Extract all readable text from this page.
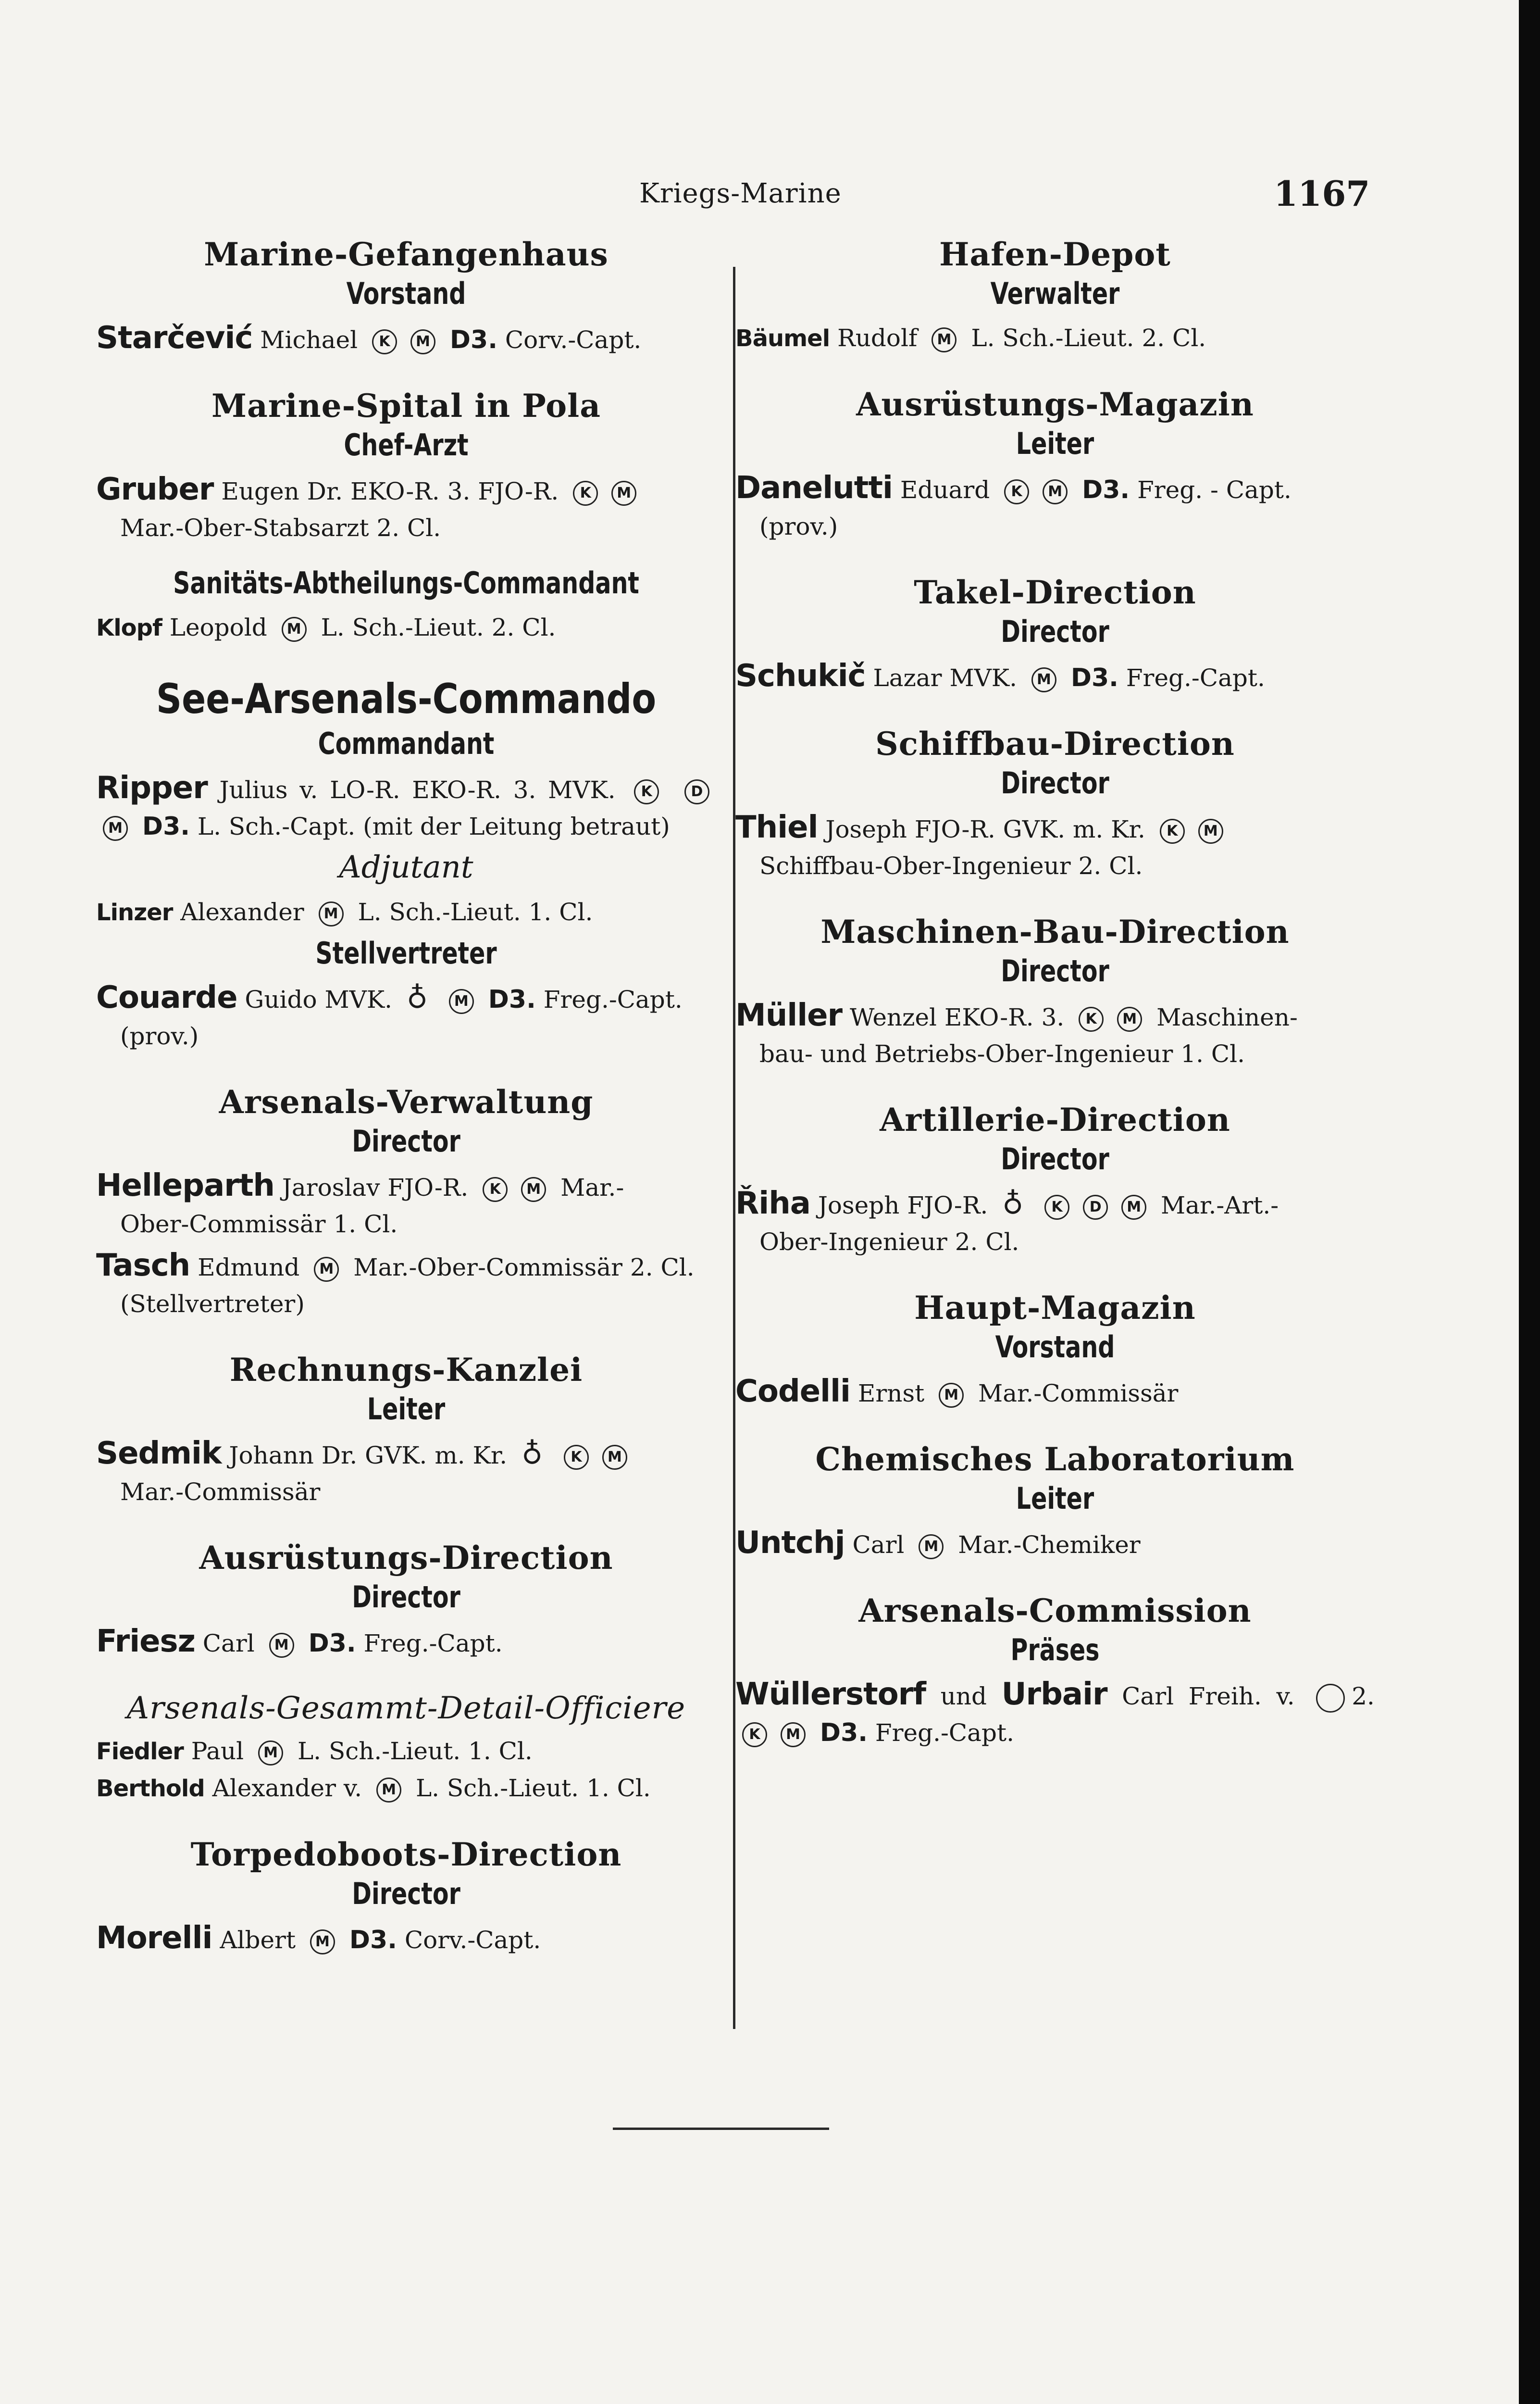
Kriegs-Marine	1167
Marine-Gefangenhaus
Vorstand
Starčević Michael K M D3. Corv.-Capt.
Marine-Spital in Pola
Chef-Arzt
Gruber Eugen Dr. EKO-R. 3. FJO-R. K M
Mar.-Ober-Stabsarzt 2. Cl.
Sanitäts-Abtheilungs-Commandant
Klopf Leopold M L. Sch.-Lieut. 2. Cl.
See-Arsenals-Commando
Commandant
Ripper Julius v. LO-R. EKO-R. 3. MVK. K	DM D3. L. Sch.-Capt. (mit der Leitung betraut)
Adjutant
Linzer Alexander M L. Sch.-Lieut. 1. Cl.
Stellvertreter
Couarde Guido MVK. ♁ M D3. Freg.-Capt.
(prov.)
Arsenals-Verwaltung
Director
Helleparth Jaroslav FJO-R. K M Mar.-
Ober-Commissär 1. Cl.
Tasch Edmund M Mar.-Ober-Commissär 2. Cl.
(Stellvertreter)
Rechnungs-Kanzlei
Leiter
Sedmik Johann Dr. GVK. m. Kr. ♁ K M
Mar.-Commissär
Ausrüstungs-Direction
Director
Friesz Carl M D3. Freg.-Capt.
Arsenals-Gesammt-Detail-Officiere
Fiedler Paul M L. Sch.-Lieut. 1. Cl.
Berthold Alexander v. M L. Sch.-Lieut. 1. Cl.
Torpedoboots-Direction
Director
Morelli Albert M D3. Corv.-Capt.
Hafen-Depot
Verwalter
Bäumel Rudolf M L. Sch.-Lieut. 2. Cl.
Ausrüstungs-Magazin
Leiter
Danelutti Eduard K M D3. Freg. - Capt.
(prov.)
Takel-Direction
Director
Schukič Lazar MVK. M D3. Freg.-Capt.
Schiffbau-Direction
Director
Thiel Joseph FJO-R. GVK. m. Kr. K M
Schiffbau-Ober-Ingenieur 2. Cl.
Maschinen-Bau-Direction
Director
Müller Wenzel EKO-R. 3. K M Maschinen-
bau- und Betriebs-Ober-Ingenieur 1. Cl.
Artillerie-Direction
Director
Řiha Joseph FJO-R. ♁ K D M Mar.-Art.-
Ober-Ingenieur 2. Cl.
Haupt-Magazin
Vorstand
Codelli Ernst M Mar.-Commissär
Chemisches Laboratorium
Leiter
Untchj Carl M Mar.-Chemiker
Arsenals-Commission
Präses
Wüllerstorf und Urbair Carl Freih. v. 2. K M D3. Freg.-Capt.
